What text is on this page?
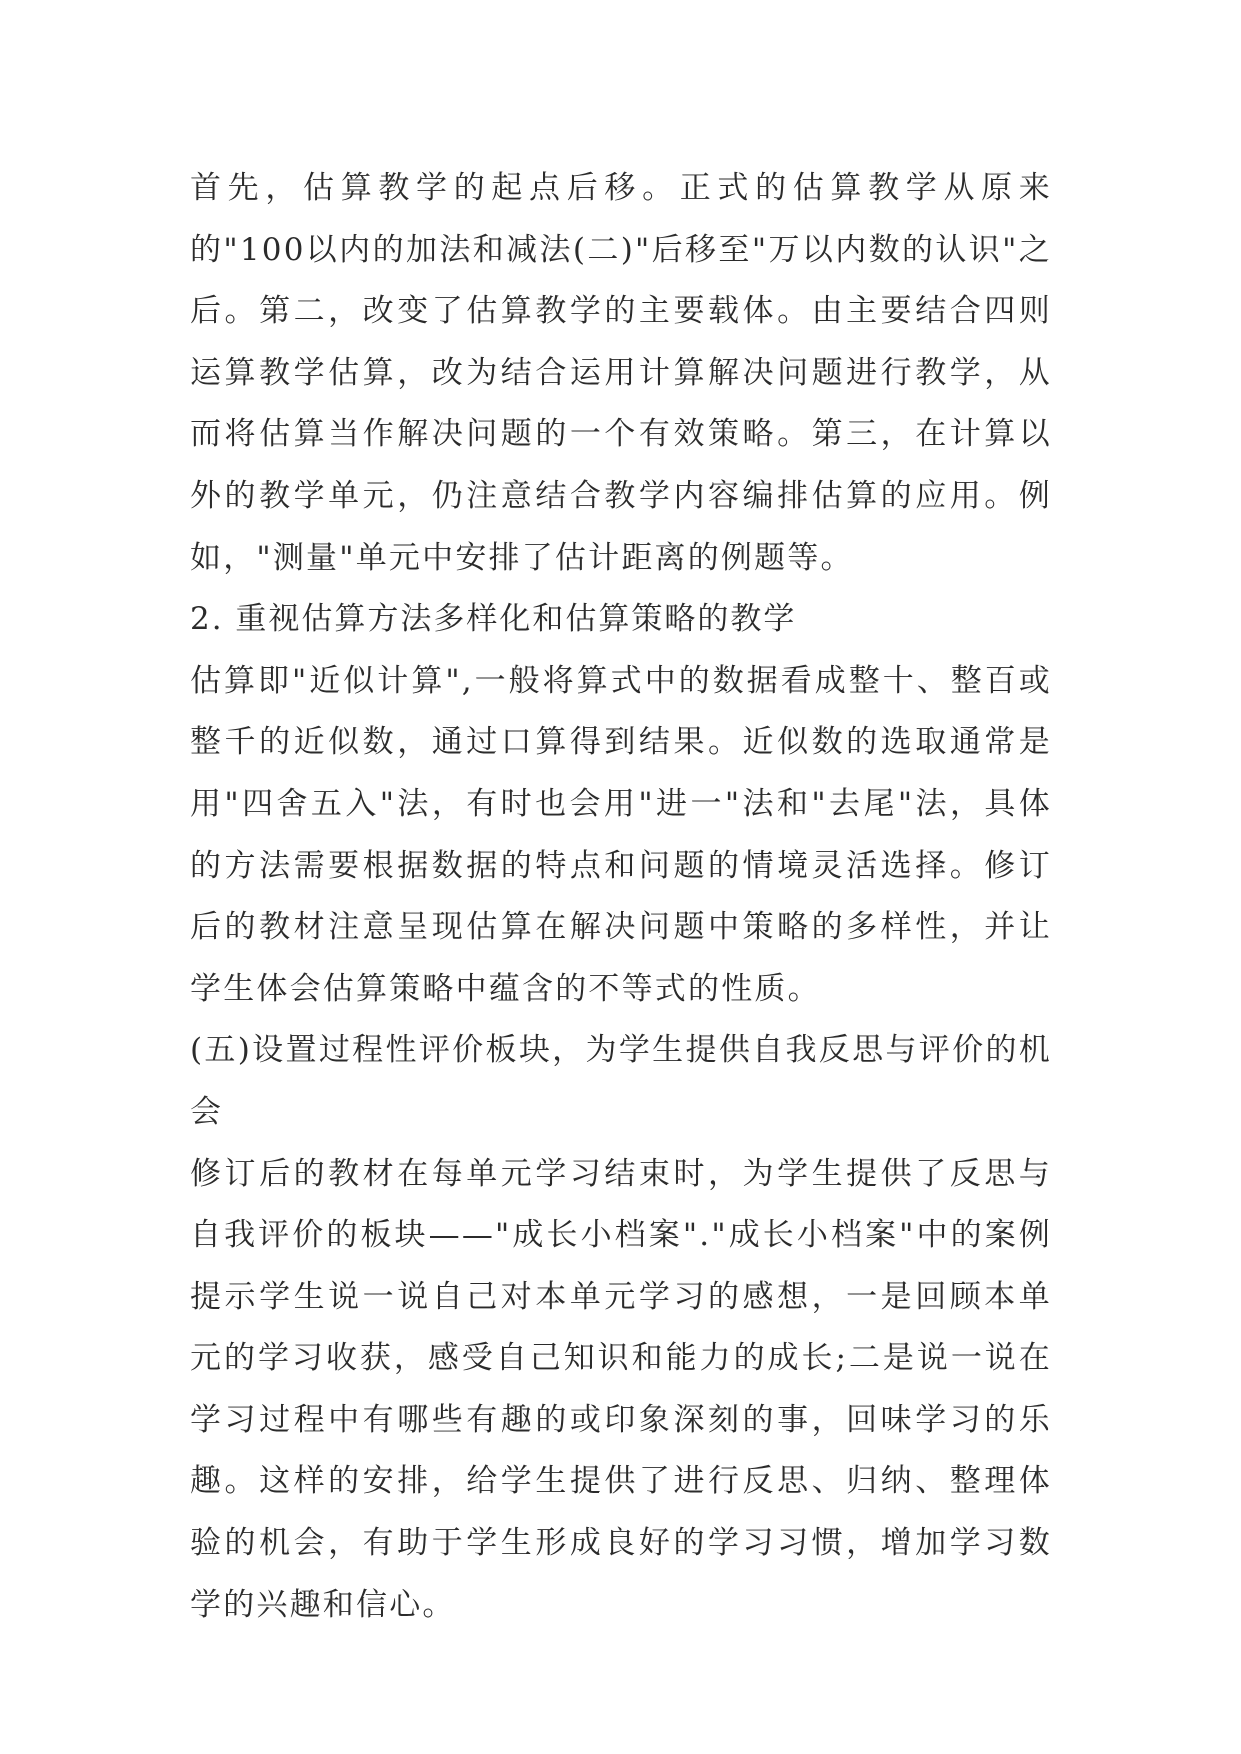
首先，估算教学的起点后移。正式的估算教学从原来的"100以内的加法和减法(二)"后移至"万以内数的认识"之后。第二，改变了估算教学的主要载体。由主要结合四则运算教学估算，改为结合运用计算解决问题进行教学，从而将估算当作解决问题的一个有效策略。第三，在计算以外的教学单元，仍注意结合教学内容编排估算的应用。例如，"测量"单元中安排了估计距离的例题等。

2. 重视估算方法多样化和估算策略的教学

估算即"近似计算",一般将算式中的数据看成整十、整百或整千的近似数，通过口算得到结果。近似数的选取通常是用"四舍五入"法，有时也会用"进一"法和"去尾"法，具体的方法需要根据数据的特点和问题的情境灵活选择。修订后的教材注意呈现估算在解决问题中策略的多样性，并让学生体会估算策略中蕴含的不等式的性质。

(五)设置过程性评价板块，为学生提供自我反思与评价的机会

修订后的教材在每单元学习结束时，为学生提供了反思与自我评价的板块——"成长小档案"."成长小档案"中的案例提示学生说一说自己对本单元学习的感想，一是回顾本单元的学习收获，感受自己知识和能力的成长;二是说一说在学习过程中有哪些有趣的或印象深刻的事，回味学习的乐趣。这样的安排，给学生提供了进行反思、归纳、整理体验的机会，有助于学生形成良好的学习习惯，增加学习数学的兴趣和信心。
